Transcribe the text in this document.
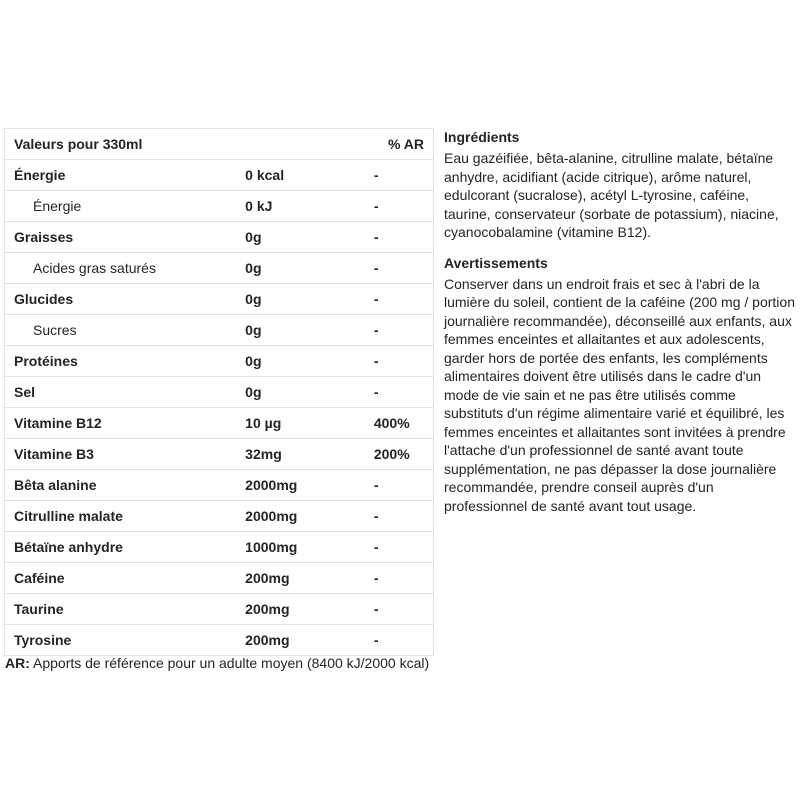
Valeurs pour 330ml		% AR
Énergie	0 kcal	-
Énergie	0 kJ	-
Graisses	0g	-
Acides gras saturés	0g	-
Glucides	0g	-
Sucres	0g	-
Protéines	0g	-
Sel	0g	-
Vitamine B12	10 µg	400%
Vitamine B3	32mg	200%
Bêta alanine	2000mg	-
Citrulline malate	2000mg	-
Bétaïne anhydre	1000mg	-
Caféine	200mg	-
Taurine	200mg	-
Tyrosine	200mg	-
AR: Apports de référence pour un adulte moyen (8400 kJ/2000 kcal)
Ingrédients

Eau gazéifiée, bêta-alanine, citrulline malate, bétaïne anhydre, acidifiant (acide citrique), arôme naturel, edulcorant (sucralose), acétyl L-tyrosine, caféine, taurine, conservateur (sorbate de potassium), niacine, cyanocobalamine (vitamine B12).

Avertissements

Conserver dans un endroit frais et sec à l'abri de la lumière du soleil, contient de la caféine (200 mg / portion journalière recommandée), déconseillé aux enfants, aux femmes enceintes et allaitantes et aux adolescents, garder hors de portée des enfants, les compléments alimentaires doivent être utilisés dans le cadre d'un mode de vie sain et ne pas être utilisés comme substituts d'un régime alimentaire varié et équilibré, les femmes enceintes et allaitantes sont invitées à prendre l'attache d'un professionnel de santé avant toute supplémentation, ne pas dépasser la dose journalière recommandée, prendre conseil auprès d'un professionnel de santé avant tout usage.
